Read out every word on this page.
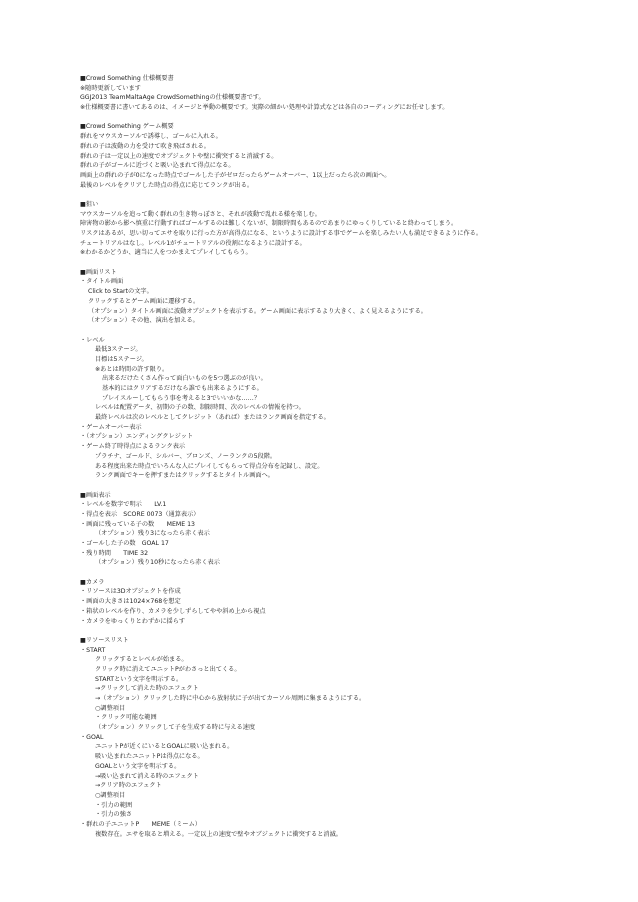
■Crowd Something 仕様概要書
※随時更新しています
GGJ2013 TeamMaltaAge CrowdSomethingの仕様概要書です。
※仕様概要書に書いてあるのは、イメージと挙動の概要です。実際の細かい処理や計算式などは各自のコーディングにお任せします。
■Crowd Something ゲーム概要
群れをマウスカーソルで誘導し、ゴールに入れる。
群れの子は波動の力を受けて吹き飛ばされる。
群れの子は一定以上の速度でオブジェクトや壁に衝突すると消滅する。
群れの子がゴールに近づくと吸い込まれて得点になる。
画面上の群れの子が0になった時点でゴールした子がゼロだったらゲームオーバー、1以上だったら次の画面へ。
最後のレベルをクリアした時点の得点に応じてランクが出る。
■狙い
マウスカーソルを追って動く群れの生き物っぽさと、それが波動で乱れる様を楽しむ。
障害物の影から影へ慎重に行動すればゴールするのは難しくないが、制限時間もあるのであまりにゆっくりしていると終わってしまう。
リスクはあるが、思い切ってエサを取りに行った方が高得点になる、というように設計する事でゲームを楽しみたい人も満足できるように作る。
チュートリアルはなし。レベル1がチュートリアルの役割になるように設計する。
※わかるかどうか、適当に人をつかまえてプレイしてもらう。
■画面リスト
・タイトル画面
Click to Startの文字。
クリックするとゲーム画面に遷移する。
（オプション）タイトル画面に波動オブジェクトを表示する。ゲーム画面に表示するより大きく、よく見えるようにする。
（オプション）その他、演出を加える。
・レベル
最低3ステージ。
目標は5ステージ。
※あとは時間の許す限り。
出来るだけたくさん作って面白いものを5つ選ぶのが良い。
基本的にはクリアするだけなら誰でも出来るようにする。
プレイスルーしてもらう事を考えると3でいいかな……？
レベルは配置データ、初期の子の数、制限時間、次のレベルの情報を持つ。
最終レベルは次のレベルとしてクレジット（あれば）またはランク画面を指定する。
・ゲームオーバー表示
・（オプション）エンディングクレジット
・ゲーム終了時得点によるランク表示
プラチナ、ゴールド、シルバー、ブロンズ、ノーランクの5段階。
ある程度出来た時点でいろんな人にプレイしてもらって得点分布を記録し、設定。
ランク画面でキーを押すまたはクリックするとタイトル画面へ。
■画面表示
・レベルを数字で明示　　LV.1
・得点を表示　SCORE 0073（通算表示）
・画面に残っている子の数　　MEME 13
（オプション）残り3になったら赤く表示
・ゴールした子の数　GOAL 17
・残り時間　　TIME 32
（オプション）残り10秒になったら赤く表示
■カメラ
・リソースは3Dオブジェクトを作成
・画面の大きさは1024×768を想定
・箱状のレベルを作り、カメラを少しずらしてやや斜め上から視点
・カメラをゆっくりとわずかに揺らす
■リソースリスト
・START
クリックするとレベルが始まる。
クリック時に消えてユニットPがわさっと出てくる。
STARTという文字を明示する。
→クリックして消えた時のエフェクト
→（オプション）クリックした時に中心から放射状に子が出てカーソル周囲に集まるようにする。
○調整項目
・クリック可能な範囲
（オプション）クリックして子を生成する時に与える速度
・GOAL
ユニットPが近くにいるとGOALに吸い込まれる。
吸い込まれたユニットPは得点になる。
GOALという文字を明示する。
→吸い込まれて消える時のエフェクト
→クリア時のエフェクト
○調整項目
・引力の範囲
・引力の強さ
・群れの子ユニットP　　MEME（ミーム）
複数存在。エサを取ると増える。一定以上の速度で壁やオブジェクトに衝突すると消滅。
